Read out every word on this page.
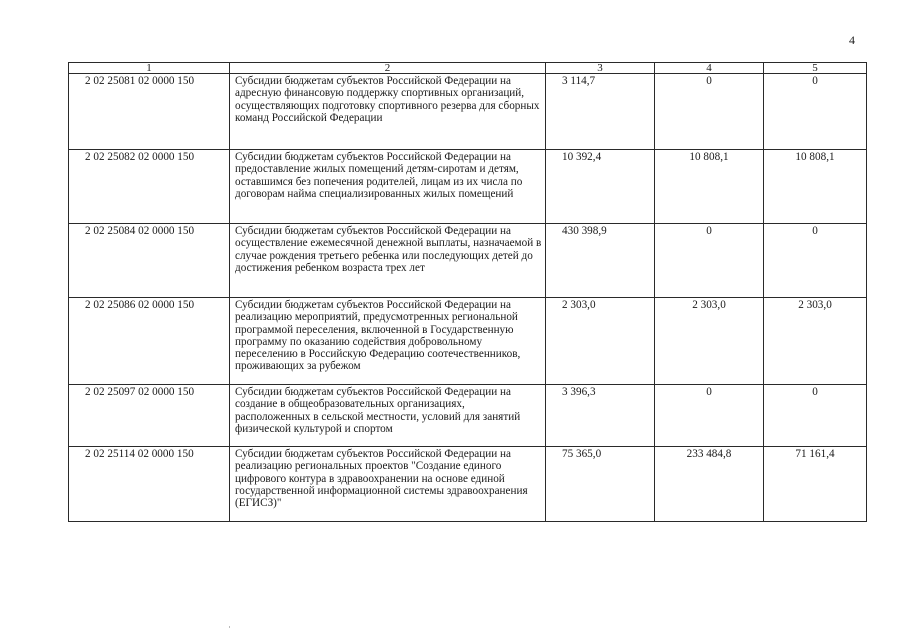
4
1	2	3	4	5
2 02 25081 02 0000 150	Субсидии бюджетам субъектов Российской Федерации на адресную финансовую поддержку спортивных организаций, осуществляющих подготовку спортивного резерва для сборных команд Российской Федерации	3 114,7	0	0
2 02 25082 02 0000 150	Субсидии бюджетам субъектов Российской Федерации на предоставление жилых помещений детям-сиротам и детям, оставшимся без попечения родителей, лицам из их числа по договорам найма специализированных жилых помещений	10 392,4	10 808,1	10 808,1
2 02 25084 02 0000 150	Субсидии бюджетам субъектов Российской Федерации на осуществление ежемесячной денежной выплаты, назначаемой в случае рождения третьего ребенка или последующих детей до достижения ребенком возраста трех лет	430 398,9	0	0
2 02 25086 02 0000 150	Субсидии бюджетам субъектов Российской Федерации на реализацию мероприятий, предусмотренных региональной программой переселения, включенной в Государственную программу по оказанию содействия добровольному переселению в Российскую Федерацию соотечественников, проживающих за рубежом	2 303,0	2 303,0	2 303,0
2 02 25097 02 0000 150	Субсидии бюджетам субъектов Российской Федерации на создание в общеобразовательных организациях, расположенных в сельской местности, условий для занятий физической культурой и спортом	3 396,3	0	0
2 02 25114 02 0000 150	Субсидии бюджетам субъектов Российской Федерации на реализацию региональных проектов "Создание единого цифрового контура в здравоохранении на основе единой государственной информационной системы здравоохранения (ЕГИСЗ)"	75 365,0	233 484,8	71 161,4
